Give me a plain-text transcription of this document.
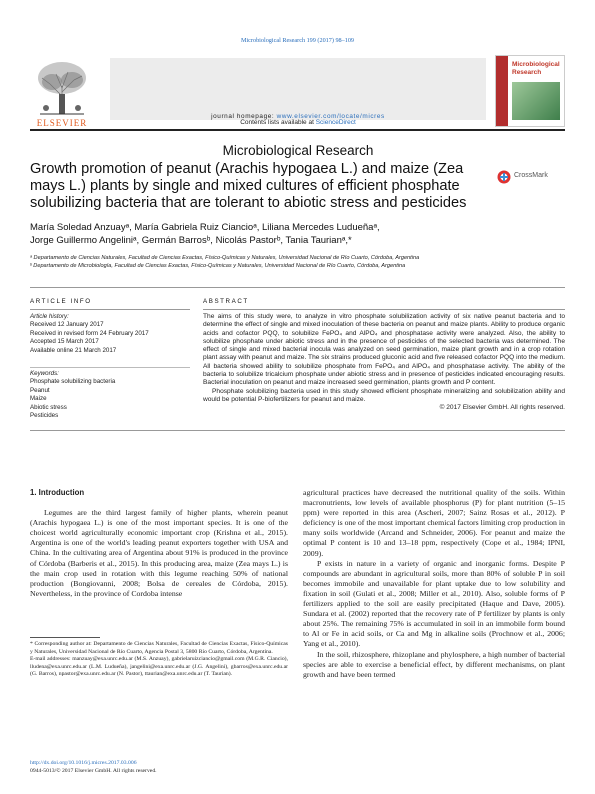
Microbiological Research 199 (2017) 98–109
ELSEVIER	Contents lists available at ScienceDirect
Microbiological Research
journal homepage: www.elsevier.com/locate/micres
Microbiological Research
Growth promotion of peanut (Arachis hypogaea L.) and maize (Zea mays L.) plants by single and mixed cultures of efficient phosphate solubilizing bacteria that are tolerant to abiotic stress and pesticides
CrossMark
María Soledad Anzuayᵃ, María Gabriela Ruiz Ciancioᵃ, Liliana Mercedes Ludueñaᵃ,
Jorge Guillermo Angeliniᵃ, Germán Barrosᵇ, Nicolás Pastorᵇ, Tania Taurianᵃ,*
ᵃ Departamento de Ciencias Naturales, Facultad de Ciencias Exactas, Físico-Químicas y Naturales, Universidad Nacional de Río Cuarto, Córdoba, Argentina
ᵇ Departamento de Microbiología, Facultad de Ciencias Exactas, Físico-Químicas y Naturales, Universidad Nacional de Río Cuarto, Córdoba, Argentina
ARTICLE INFO	ABSTRACT
Article history:
Received 12 January 2017
Received in revised form 24 February 2017
Accepted 15 March 2017
Available online 21 March 2017
Keywords:
Phosphate solubilizing bacteria
Peanut
Maize
Abiotic stress
Pesticides

The aims of this study were, to analyze in vitro phosphate solubilization activity of six native peanut bacteria and to determine the effect of single and mixed inoculation of these bacteria on peanut and maize plants. Ability to produce organic acids and cofactor PQQ, to solubilize FePO₄ and AlPO₄ and phosphatase activity were analyzed. Also, the ability to solubilize phosphate under abiotic stress and in the presence of pesticides of the selected bacteria was determined. The effect of single and mixed bacterial inocula was analyzed on seed germination, maize plant growth and in a crop rotation plant assay with peanut and maize. The six strains produced gluconic acid and five released cofactor PQQ into the medium. All bacteria showed ability to solubilize phosphate from FePO₄ and AlPO₄ and phosphatase activity. The ability of the bacteria to solubilize tricalcium phosphate under abiotic stress and in presence of pesticides indicated encouraging results. Bacterial inoculation on peanut and maize increased seed germination, plants growth and P content.

Phosphate solubilizing bacteria used in this study showed efficient phosphate mineralizing and solubilization ability and would be potential P-biofertilizers for peanut and maize.

© 2017 Elsevier GmbH. All rights reserved.

1. Introduction

Legumes are the third largest family of higher plants, wherein peanut (Arachis hypogaea L.) is one of the most important species. It is one of the choicest world agriculturally economic important crop (Krishna et al., 2015). Argentina is one of the world's leading peanut exporters together with USA and China. In the cultivating area of Argentina about 91% is produced in the province of Córdoba (Barberis et al., 2015). In this producing area, maize (Zea mays L.) is the main crop used in rotation with this legume reaching 50% of national production (Bongiovanni, 2008; Bolsa de cereales de Córdoba, 2015). Nevertheless, in the province of Cordoba intense

* Corresponding author at: Departamento de Ciencias Naturales, Facultad de Ciencias Exactas, Físico-Químicas y Naturales, Universidad Nacional de Río Cuarto, Agencia Postal 3, 5800 Río Cuarto, Córdoba, Argentina.

E-mail addresses: manzuay@exa.unrc.edu.ar (M.S. Anzuay), gabrielaruizciancio@gmail.com (M.G.R. Ciancio), lludena@exa.unrc.edu.ar (L.M. Ludueña), jangelini@exa.unrc.edu.ar (J.G. Angelini), gbarros@exa.unrc.edu.ar (G. Barros), npastor@exa.unrc.edu.ar (N. Pastor), ttaurian@exa.unrc.edu.ar (T. Taurian).

http://dx.doi.org/10.1016/j.micres.2017.03.006
0944-5013/© 2017 Elsevier GmbH. All rights reserved.

agricultural practices have decreased the nutritional quality of the soils. Within macronutrients, low levels of available phosphorus (P) for plant nutrition (5–15 ppm) were reported in this area (Ascheri, 2007; Sainz Rosas et al., 2012). P deficiency is one of the most important chemical factors limiting crop production in many soils worldwide (Arcand and Schneider, 2006). For peanut and maize the optimal P content is 10 and 13–18 ppm, respectively (Cope et al., 1984; IPNI, 2009).

P exists in nature in a variety of organic and inorganic forms. Despite P compounds are abundant in agricultural soils, more than 80% of soluble P in soil becomes immobile and unavailable for plant uptake due to low solubility and fixation in soil (Gulati et al., 2008; Miller et al., 2010). Also, soluble forms of P fertilizers applied to the soil are easily precipitated (Haque and Dave, 2005). Sundara et al. (2002) reported that the recovery rate of P fertilizer by plants is only about 25%. The remaining 75% is accumulated in soil in an immobile form bound to Al or Fe in acid soils, or Ca and Mg in alkaline soils (Prochnow et al., 2006; Yang et al., 2010).

In the soil, rhizosphere, rhizoplane and phylosphere, a high number of bacterial species are able to exercise a beneficial effect, by different mechanisms, on plant growth and have been termed
